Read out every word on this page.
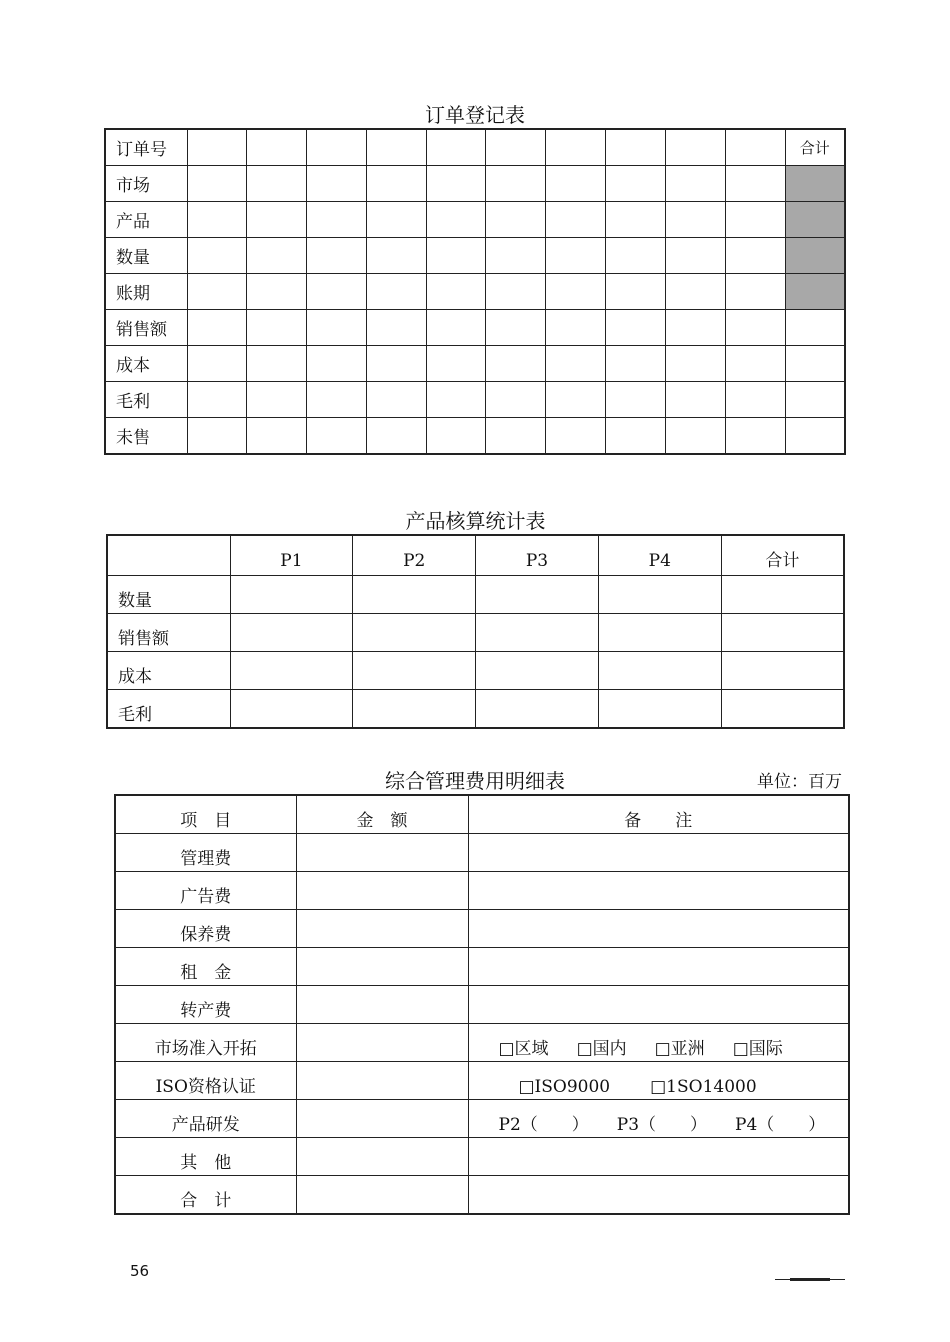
订单登记表
订单号											合计
市场											
产品											
数量											
账期											
销售额											
成本											
毛利											
未售											
产品核算统计表
	P1	P2	P3	P4	合计
数量					
销售额					
成本					
毛利					
综合管理费用明细表	单位：百万
项　目	金　额	备　　注
管理费		
广告费		
保养费		
租　金		
转产费		
市场准入开拓		□区域 □国内 □亚洲 □国际
ISO资格认证		□ISO9000 □1SO14000
产品研发		P2（　　） P3（　　） P4（　　）
其　他		
合　计		
56
